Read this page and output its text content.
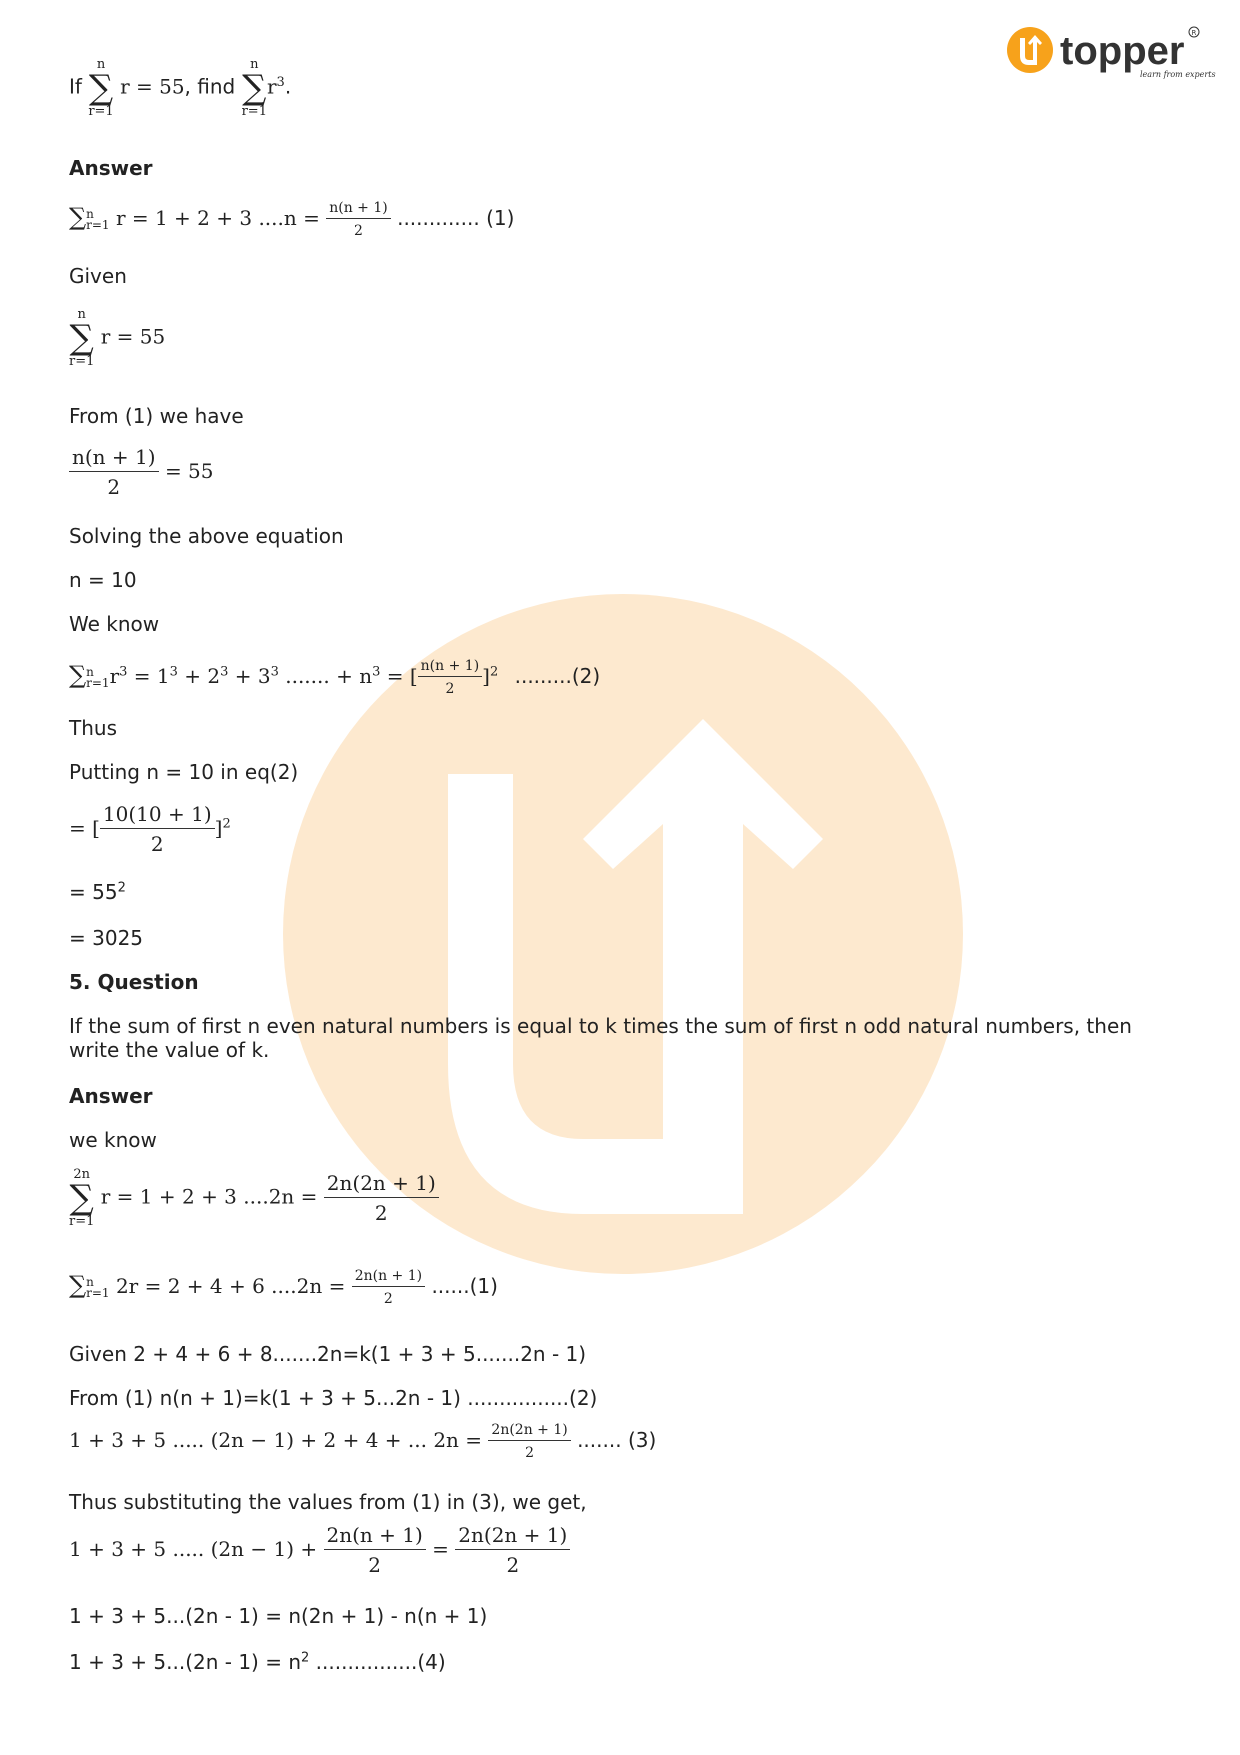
topper
learn from experts
R
If
n
∑
r=1
r = 55, find
n
∑
r=1
$r^3$.
Answer
∑ n
r=1 r = 1 + 2 + 3 $....n = \frac{n(n + 1)}{2}$ ............. (1)
Given
n
∑
r=1
r = 55
From (1) we have
$\frac{n(n + 1)}{2} = 55$
Solving the above equation
n = 10
We know
∑ n
r=1 $r^3 = 1^3 + 2^3 + 3^3$ ....... + $n^3$ = [ $\frac{n(n + 1)}{2} ]^2$ .........(2)
Thus
Putting n = 10 in eq(2)
= [ $\frac{10(10 + 1)}{2} ]^2$
= $55^2$
= 3025
5. Question
If the sum of first n even natural numbers is equal to k times the sum of first n odd natural numbers, then
write the value of k.
Answer
we know
2n
∑
r=1
r = 1 + 2 + 3 $....2n = \frac{2n(2n + 1)}{2}$
∑ n
r=1 2r = 2 + 4 + 6 $....2n = \frac{2n(n + 1)}{2} ......(1)$
Given 2 + 4 + 6 + 8.......2n=k(1 + 3 + 5.......2n - 1)
From (1) n(n + 1)=k(1 + 3 + 5...2n - 1) ................(2)
1 + 3 + 5 ..... (2n − 1) + 2 + 4 + ... $2n = \frac{2n(2n + 1)}{2}$ ....... (3)
Thus substituting the values from (1) in (3), we get,
1 + 3 + 5 ..... $(2n - 1) + \frac{2n(n + 1)}{2} = \frac{2n(2n + 1)}{2}$
1 + 3 + 5...(2n - 1) = n(2n + 1) - n(n + 1)
$1 + 3 + 5...(2n - 1) = n^2$ ................(4)
